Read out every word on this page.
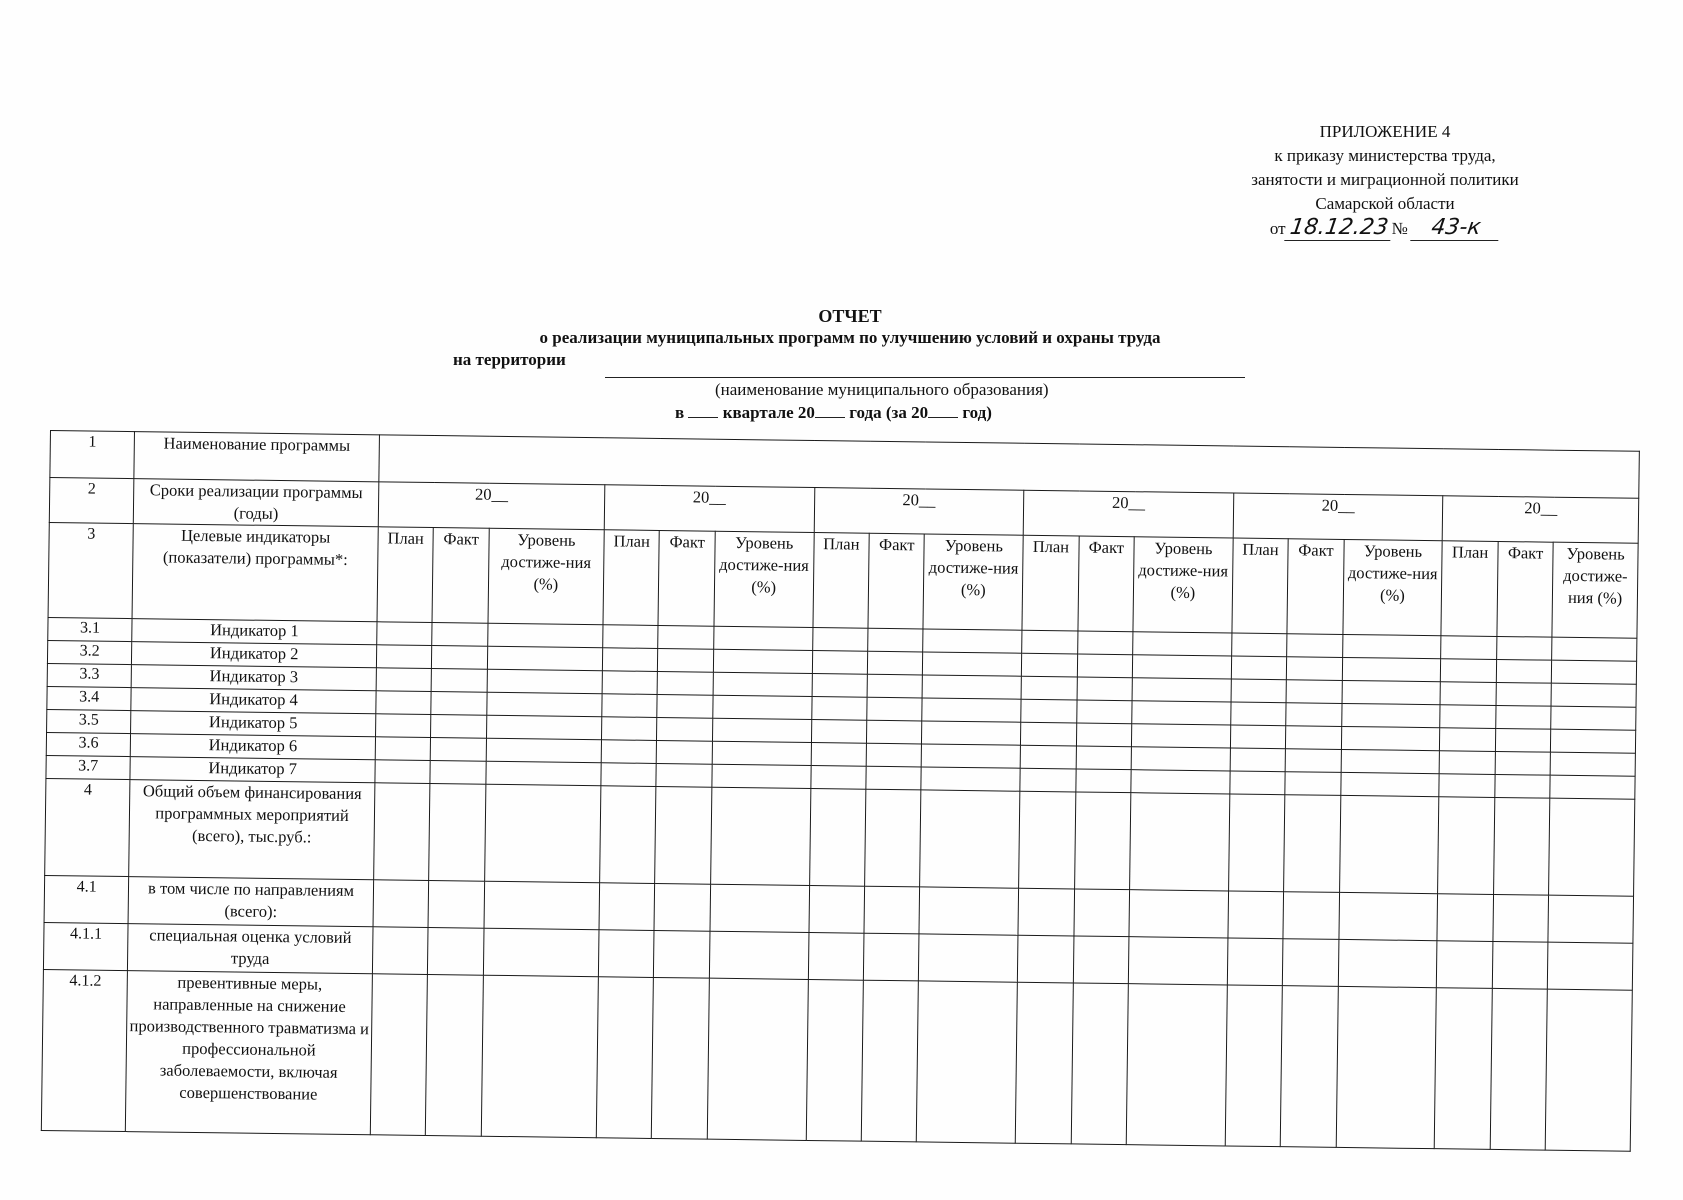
ПРИЛОЖЕНИЕ 4
к приказу министерства труда,
занятости и миграционной политики
Самарской области
от 18.12.23 № 43-к
ОТЧЕТ
о реализации муниципальных программ по улучшению условий и охраны труда
на территории
(наименование муниципального образования)
в квартале 20 года (за 20 год)
1	Наименование программы																		
2	Сроки реализации программы (годы)	20__			20__			20__			20__			20__			20__		
3	Целевые индикаторы (показатели) программы*:	План	Факт	Уровень достиже-ния (%)	План	Факт	Уровень достиже-ния (%)	План	Факт	Уровень достиже-ния (%)	План	Факт	Уровень достиже-ния (%)	План	Факт	Уровень достиже-ния (%)	План	Факт	Уровень достиже-ния (%)
3.1	Индикатор 1																		
3.2	Индикатор 2																		
3.3	Индикатор 3																		
3.4	Индикатор 4																		
3.5	Индикатор 5																		
3.6	Индикатор 6																		
3.7	Индикатор 7																		
4	Общий объем финансирования программных мероприятий (всего), тыс.руб.:																		
4.1	в том числе по направлениям (всего):																		
4.1.1	специальная оценка условий труда																		
4.1.2	превентивные меры, направленные на снижение производственного травматизма и профессиональной заболеваемости, включая совершенствование																		
